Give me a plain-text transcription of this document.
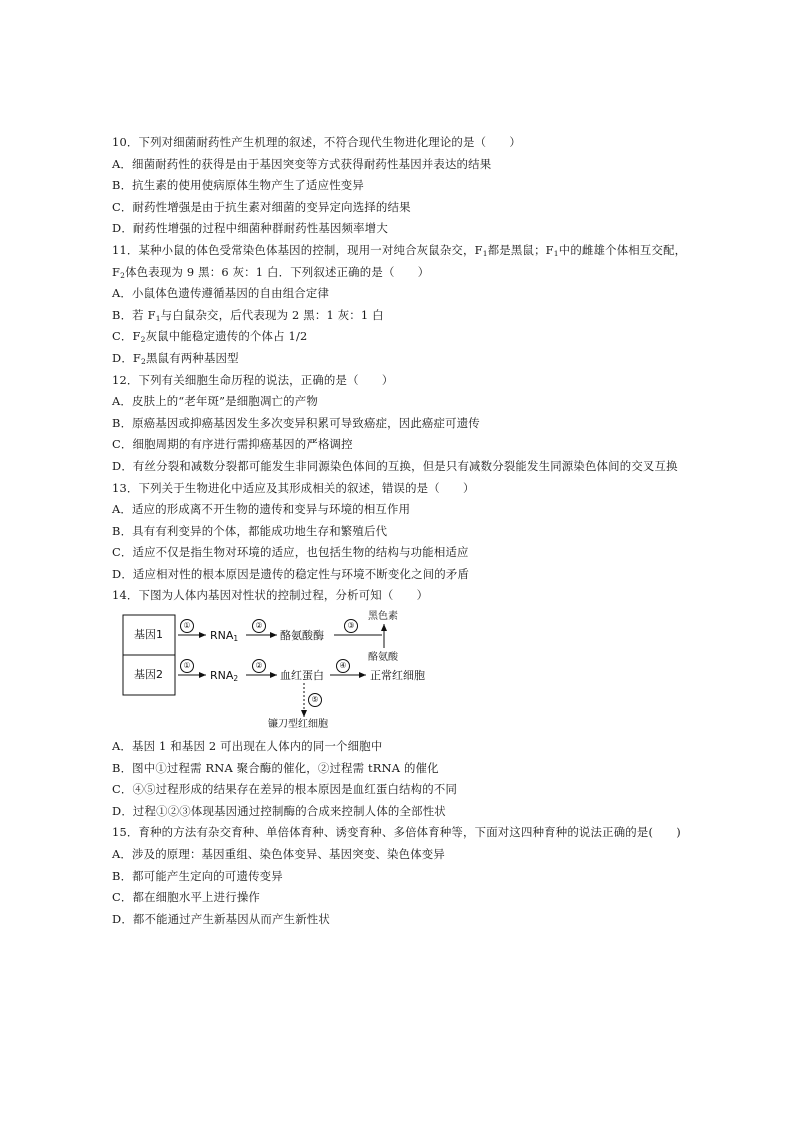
10．下列对细菌耐药性产生机理的叙述，不符合现代生物进化理论的是（　　）
A．细菌耐药性的获得是由于基因突变等方式获得耐药性基因并表达的结果
B．抗生素的使用使病原体生物产生了适应性变异
C．耐药性增强是由于抗生素对细菌的变异定向选择的结果
D．耐药性增强的过程中细菌种群耐药性基因频率增大
11．某种小鼠的体色受常染色体基因的控制，现用一对纯合灰鼠杂交，$F_1$都是黑鼠；$F_1$中的雌雄个体相互交配，
$F_2$体色表现为 9 黑：6 灰：1 白．下列叙述正确的是（　　）
A．小鼠体色遗传遵循基因的自由组合定律
B．若 $F_1$与白鼠杂交，后代表现为 2 黑：1 灰：1 白
C．$F_2$灰鼠中能稳定遗传的个体占 1/2
D．$F_2$黑鼠有两种基因型
12．下列有关细胞生命历程的说法，正确的是（　　）
A．皮肤上的“老年斑”是细胞凋亡的产物
B．原癌基因或抑癌基因发生多次变异积累可导致癌症，因此癌症可遗传
C．细胞周期的有序进行需抑癌基因的严格调控
D．有丝分裂和减数分裂都可能发生非同源染色体间的互换，但是只有减数分裂能发生同源染色体间的交叉互换
13．下列关于生物进化中适应及其形成相关的叙述，错误的是（　　）
A．适应的形成离不开生物的遗传和变异与环境的相互作用
B．具有有利变异的个体，都能成功地生存和繁殖后代
C．适应不仅是指生物对环境的适应，也包括生物的结构与功能相适应
D．适应相对性的根本原因是遗传的稳定性与环境不断变化之间的矛盾
14．下图为人体内基因对性状的控制过程，分析可知（　　）
基因1
基因2
①
①
②
②
③
④
⑤
$RNA_1$
$RNA_2$
酪氨酸酶
黑色素
酪氨酸
血红蛋白	正常红细胞
镰刀型红细胞
A．基因 1 和基因 2 可出现在人体内的同一个细胞中
B．图中①过程需 RNA 聚合酶的催化，②过程需 tRNA 的催化
C．④⑤过程形成的结果存在差异的根本原因是血红蛋白结构的不同
D．过程①②③体现基因通过控制酶的合成来控制人体的全部性状
15．育种的方法有杂交育种、单倍体育种、诱变育种、多倍体育种等，下面对这四种育种的说法正确的是(　　)
A．涉及的原理：基因重组、染色体变异、基因突变、染色体变异
B．都可能产生定向的可遗传变异
C．都在细胞水平上进行操作
D．都不能通过产生新基因从而产生新性状
